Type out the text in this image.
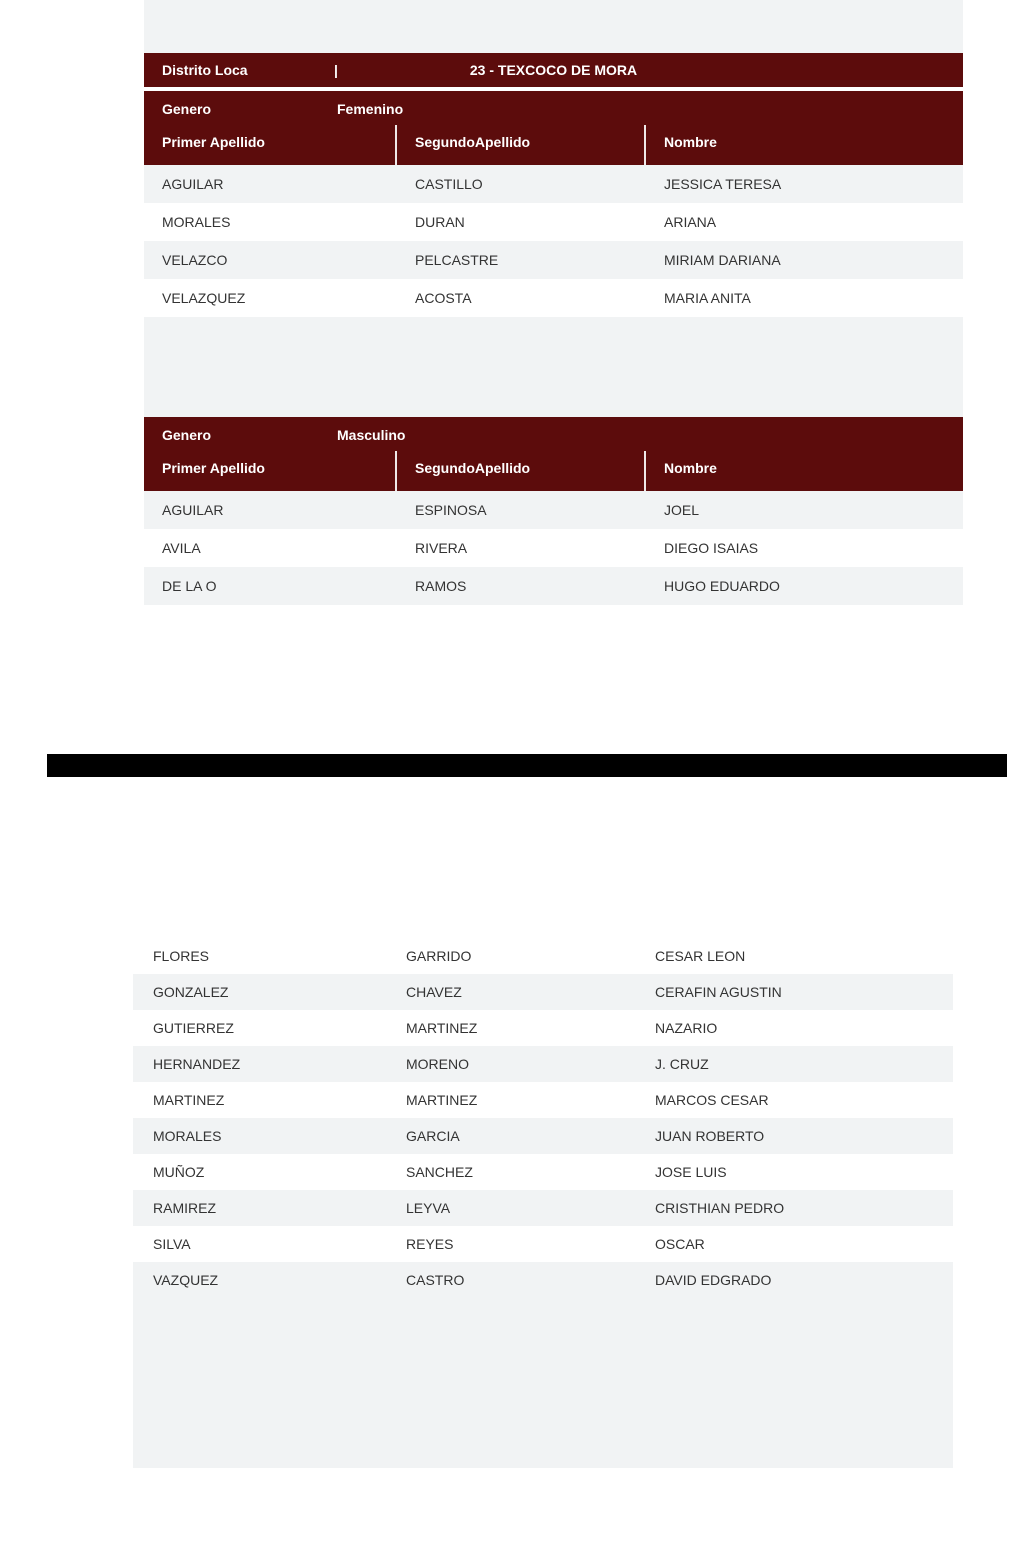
Distrito Loca	|	23 - TEXCOCO DE MORA
Genero	Femenino
Primer Apellido	SegundoApellido	Nombre
AGUILAR	CASTILLO	JESSICA TERESA
MORALES	DURAN	ARIANA
VELAZCO	PELCASTRE	MIRIAM DARIANA
VELAZQUEZ	ACOSTA	MARIA ANITA
Genero	Masculino
Primer Apellido	SegundoApellido	Nombre
AGUILAR	ESPINOSA	JOEL
AVILA	RIVERA	DIEGO ISAIAS
DE LA O	RAMOS	HUGO EDUARDO
FLORES	GARRIDO	CESAR LEON
GONZALEZ	CHAVEZ	CERAFIN AGUSTIN
GUTIERREZ	MARTINEZ	NAZARIO
HERNANDEZ	MORENO	J. CRUZ
MARTINEZ	MARTINEZ	MARCOS CESAR
MORALES	GARCIA	JUAN ROBERTO
MUÑOZ	SANCHEZ	JOSE LUIS
RAMIREZ	LEYVA	CRISTHIAN PEDRO
SILVA	REYES	OSCAR
VAZQUEZ	CASTRO	DAVID EDGRADO
